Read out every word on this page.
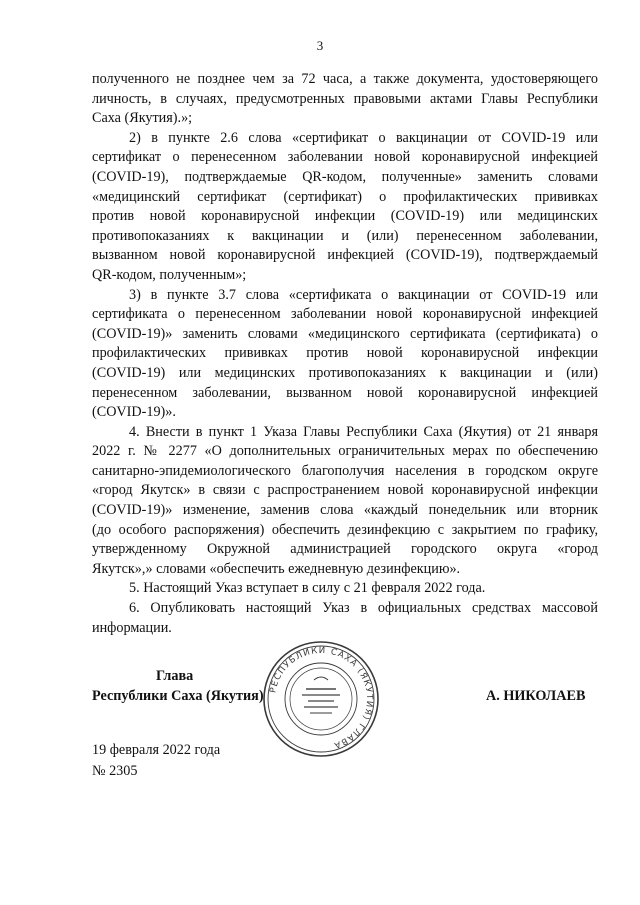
3
полученного не позднее чем за 72 часа, а также документа, удостоверяющего
личность, в случаях, предусмотренных правовыми актами Главы Республики
Саха (Якутия).»;
2) в пункте 2.6 слова «сертификат о вакцинации от COVID-19 или
сертификат о перенесенном заболевании новой коронавирусной инфекцией
(COVID-19), подтверждаемые QR-кодом, полученные» заменить словами
«медицинский сертификат (сертификат) о профилактических прививках
против новой коронавирусной инфекции (COVID-19) или медицинских
противопоказаниях к вакцинации и (или) перенесенном заболевании,
вызванном новой коронавирусной инфекцией (COVID-19), подтверждаемый
QR-кодом, полученным»;
3) в пункте 3.7 слова «сертификата о вакцинации от COVID-19 или
сертификата о перенесенном заболевании новой коронавирусной инфекцией
(COVID-19)» заменить словами «медицинского сертификата (сертификата) о
профилактических прививках против новой коронавирусной инфекции
(COVID-19) или медицинских противопоказаниях к вакцинации и (или)
перенесенном заболевании, вызванном новой коронавирусной инфекцией
(COVID-19)».
4. Внести в пункт 1 Указа Главы Республики Саха (Якутия) от 21 января
2022 г. № 2277 «О дополнительных ограничительных мерах по обеспечению
санитарно-эпидемиологического благополучия населения в городском округе
«город Якутск» в связи с распространением новой коронавирусной инфекции
(COVID-19)» изменение, заменив слова «каждый понедельник или вторник
(до особого распоряжения) обеспечить дезинфекцию с закрытием по графику,
утвержденному Окружной администрацией городского округа «город
Якутск»,» словами «обеспечить ежедневную дезинфекцию».
5. Настоящий Указ вступает в силу с 21 февраля 2022 года.
6. Опубликовать настоящий Указ в официальных средствах массовой
информации.
Глава
Республики Саха (Якутия)	А. НИКОЛАЕВ
РЕСПУБЛИКИ САХА (ЯКУТИЯ) ГЛАВА
19 февраля 2022 года
№ 2305
